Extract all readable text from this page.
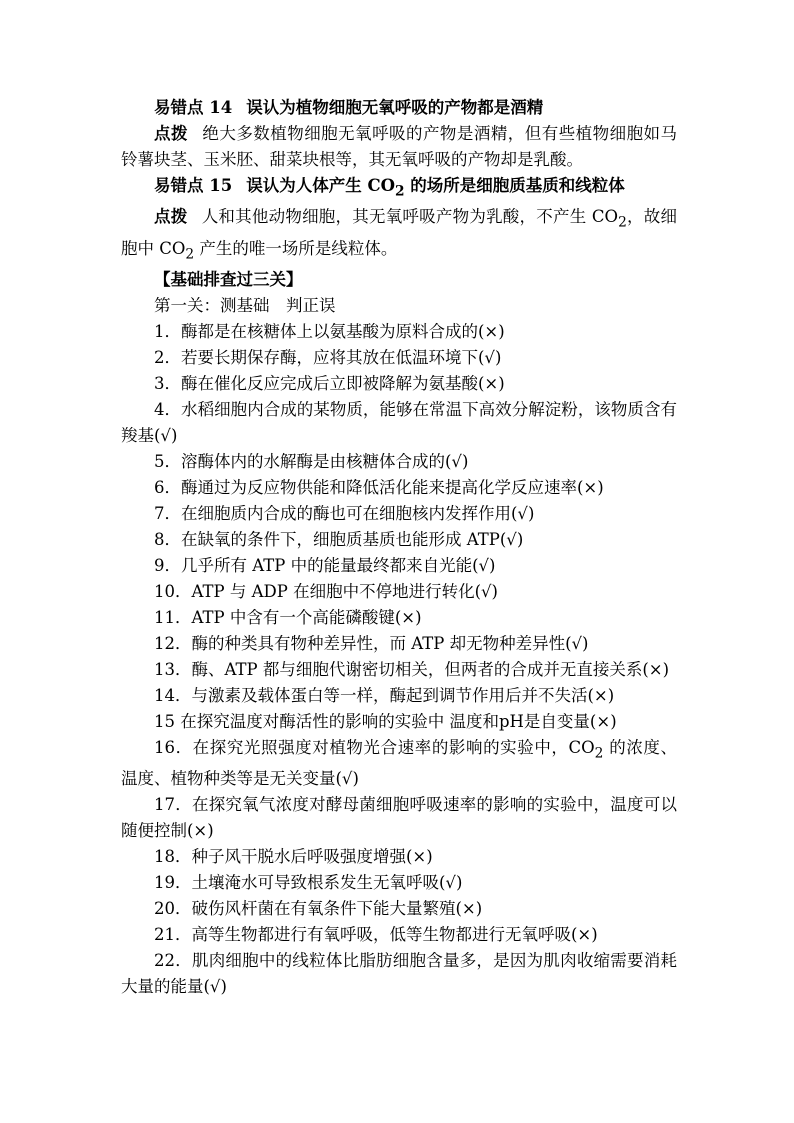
易错点 14 误认为植物细胞无氧呼吸的产物都是酒精

点拨 绝大多数植物细胞无氧呼吸的产物是酒精，但有些植物细胞如马铃薯块茎、玉米胚、甜菜块根等，其无氧呼吸的产物却是乳酸。

易错点 15 误认为人体产生 $CO_2$ 的场所是细胞质基质和线粒体

点拨 人和其他动物细胞，其无氧呼吸产物为乳酸，不产生 $CO_2$，故细胞中 $CO_2$ 产生的唯一场所是线粒体。

【基础排查过三关】

第一关：测基础　判正误

1．酶都是在核糖体上以氨基酸为原料合成的(×)

2．若要长期保存酶，应将其放在低温环境下(√)

3．酶在催化反应完成后立即被降解为氨基酸(×)

4．水稻细胞内合成的某物质，能够在常温下高效分解淀粉，该物质含有羧基(√)

5．溶酶体内的水解酶是由核糖体合成的(√)

6．酶通过为反应物供能和降低活化能来提高化学反应速率(×)

7．在细胞质内合成的酶也可在细胞核内发挥作用(√)

8．在缺氧的条件下，细胞质基质也能形成 ATP(√)

9．几乎所有 ATP 中的能量最终都来自光能(√)

10．ATP 与 ADP 在细胞中不停地进行转化(√)

11．ATP 中含有一个高能磷酸键(×)

12．酶的种类具有物种差异性，而 ATP 却无物种差异性(√)

13．酶、ATP 都与细胞代谢密切相关，但两者的合成并无直接关系(×)

14．与激素及载体蛋白等一样，酶起到调节作用后并不失活(×)

15 在探究温度对酶活性的影响的实验中 温度和pH是自变量(×)

16．在探究光照强度对植物光合速率的影响的实验中，$CO_2$ 的浓度、温度、植物种类等是无关变量(√)

17．在探究氧气浓度对酵母菌细胞呼吸速率的影响的实验中，温度可以随便控制(×)

18．种子风干脱水后呼吸强度增强(×)

19．土壤淹水可导致根系发生无氧呼吸(√)

20．破伤风杆菌在有氧条件下能大量繁殖(×)

21．高等生物都进行有氧呼吸，低等生物都进行无氧呼吸(×)

22．肌肉细胞中的线粒体比脂肪细胞含量多，是因为肌肉收缩需要消耗大量的能量(√)
